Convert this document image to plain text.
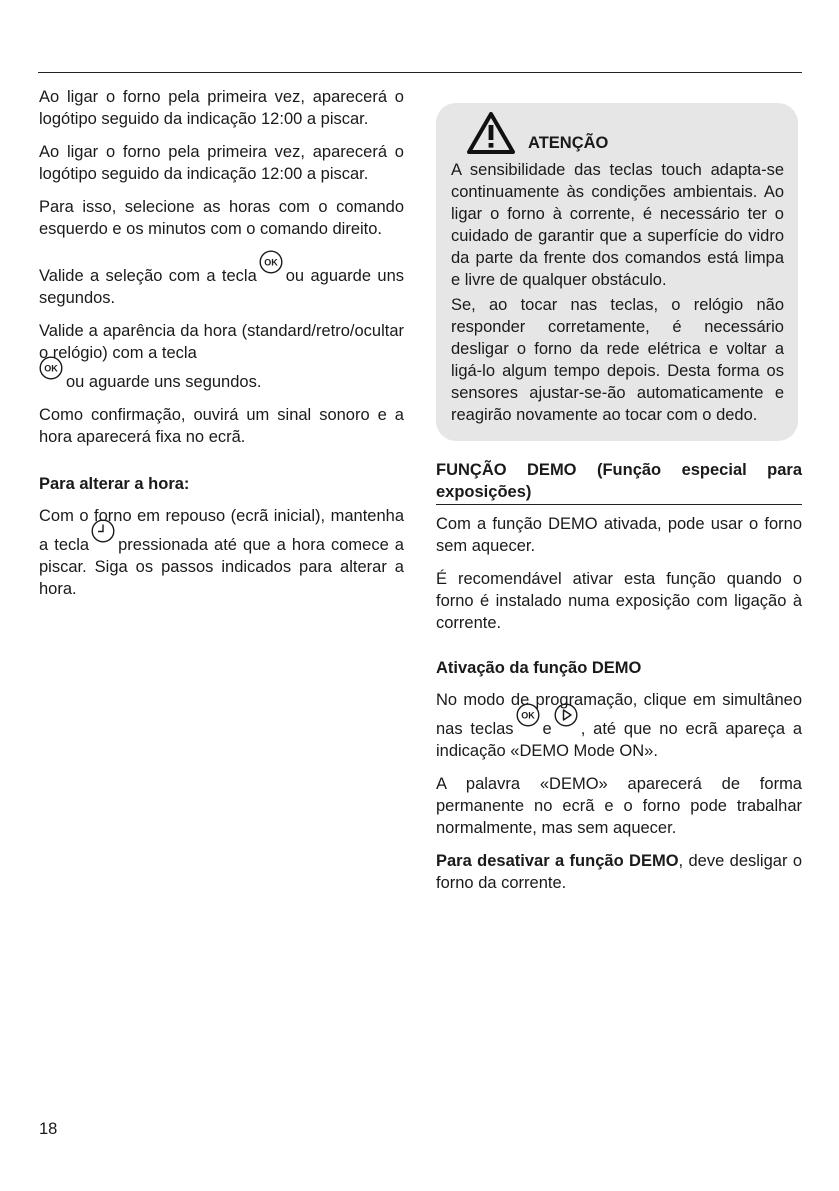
Ao ligar o forno pela primeira vez, aparecerá o logótipo seguido da indicação 12:00 a piscar.

Ao ligar o forno pela primeira vez, aparecerá o logótipo seguido da indicação 12:00 a piscar.

Para isso, selecione as horas com o comando esquerdo e os minutos com o comando direito.

Valide a seleção com a tecla
OK
ou aguarde uns segundos.

Valide a aparência da hora (standard/retro/ocultar o relógio) com a tecla

OK
ou aguarde uns segundos.

Como confirmação, ouvirá um sinal sonoro e a hora aparecerá fixa no ecrã.

Para alterar a hora:

Com o forno em repouso (ecrã inicial), mantenha a tecla pressionada até que a hora comece a piscar. Siga os passos indicados para alterar a hora.

ATENÇÃO

A sensibilidade das teclas touch adapta-se continuamente às condições ambientais. Ao ligar o forno à corrente, é necessário ter o cuidado de garantir que a superfície do vidro da parte da frente dos comandos está limpa e livre de qualquer obstáculo.

Se, ao tocar nas teclas, o relógio não responder corretamente, é necessário desligar o forno da rede elétrica e voltar a ligá-lo algum tempo depois. Desta forma os sensores ajustar-se-ão automaticamente e reagirão novamente ao tocar com o dedo.

FUNÇÃO DEMO (Função especial para exposições)

Com a função DEMO ativada, pode usar o forno sem aquecer.

É recomendável ativar esta função quando o forno é instalado numa exposição com ligação à corrente.

Ativação da função DEMO

No modo de programação, clique em simultâneo nas teclas
OK
e , até que no ecrã apareça a indicação «DEMO Mode ON».

A palavra «DEMO» aparecerá de forma permanente no ecrã e o forno pode trabalhar normalmente, mas sem aquecer.

Para desativar a função DEMO, deve desligar o forno da corrente.

18
